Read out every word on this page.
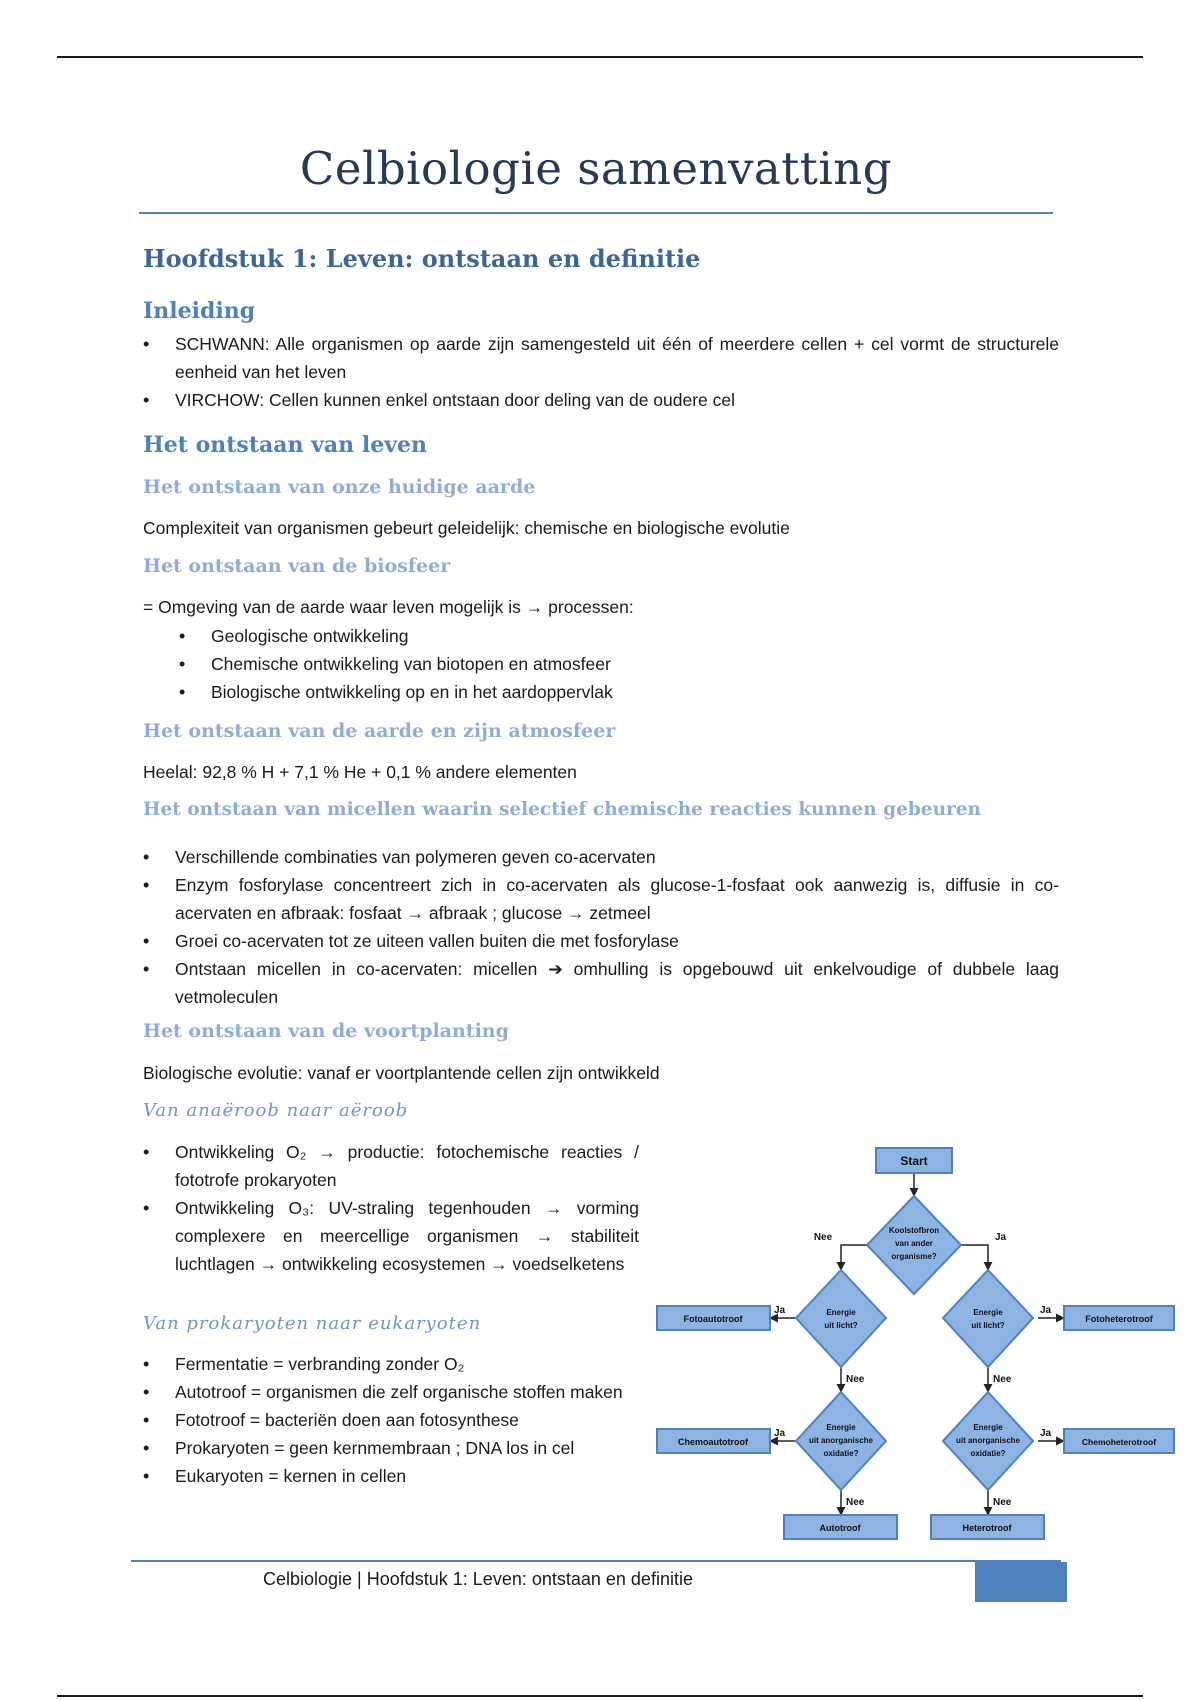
Celbiologie samenvatting
Hoofdstuk 1: Leven: ontstaan en definitie
Inleiding
• SCHWANN: Alle organismen op aarde zijn samengesteld uit één of meerdere cellen + cel vormt de structurele eenheid van het leven
• VIRCHOW: Cellen kunnen enkel ontstaan door deling van de oudere cel
Het ontstaan van leven
Het ontstaan van onze huidige aarde
Complexiteit van organismen gebeurt geleidelijk: chemische en biologische evolutie
Het ontstaan van de biosfeer
= Omgeving van de aarde waar leven mogelijk is → processen:
• Geologische ontwikkeling
• Chemische ontwikkeling van biotopen en atmosfeer
• Biologische ontwikkeling op en in het aardoppervlak
Het ontstaan van de aarde en zijn atmosfeer
Heelal: 92,8 % H + 7,1 % He + 0,1 % andere elementen
Het ontstaan van micellen waarin selectief chemische reacties kunnen gebeuren
• Verschillende combinaties van polymeren geven co-acervaten
• Enzym fosforylase concentreert zich in co-acervaten als glucose-1-fosfaat ook aanwezig is, diffusie in co-acervaten en afbraak: fosfaat → afbraak ; glucose → zetmeel
• Groei co-acervaten tot ze uiteen vallen buiten die met fosforylase
• Ontstaan micellen in co-acervaten: micellen ➔ omhulling is opgebouwd uit enkelvoudige of dubbele laag vetmoleculen
Het ontstaan van de voortplanting
Biologische evolutie: vanaf er voortplantende cellen zijn ontwikkeld
Van anaëroob naar aëroob
• Ontwikkeling O₂ → productie: fotochemische reacties / fototrofe prokaryoten
• Ontwikkeling O₃: UV-straling tegenhouden → vorming complexere en meercellige organismen → stabiliteit luchtlagen → ontwikkeling ecosystemen → voedselketens
Van prokaryoten naar eukaryoten
• Fermentatie = verbranding zonder O₂
• Autotroof = organismen die zelf organische stoffen maken
• Fototroof = bacteriën doen aan fotosynthese
• Prokaryoten = geen kernmembraan ; DNA los in cel
• Eukaryoten = kernen in cellen
Start
Koolstofbron
van ander
organisme?
Energie
uit licht?
Energie
uit licht?
Energie
uit anorganische
oxidatie?
Energie
uit anorganische
oxidatie?
Fotoautotroof	Fotoheterotroof
Chemoautotroof	Chemoheterotroof
Autotroof	Heterotroof
Nee	Ja
Ja	Ja
Nee	Nee
Ja	Ja
Nee	Nee
Celbiologie | Hoofdstuk 1: Leven: ontstaan en definitie
